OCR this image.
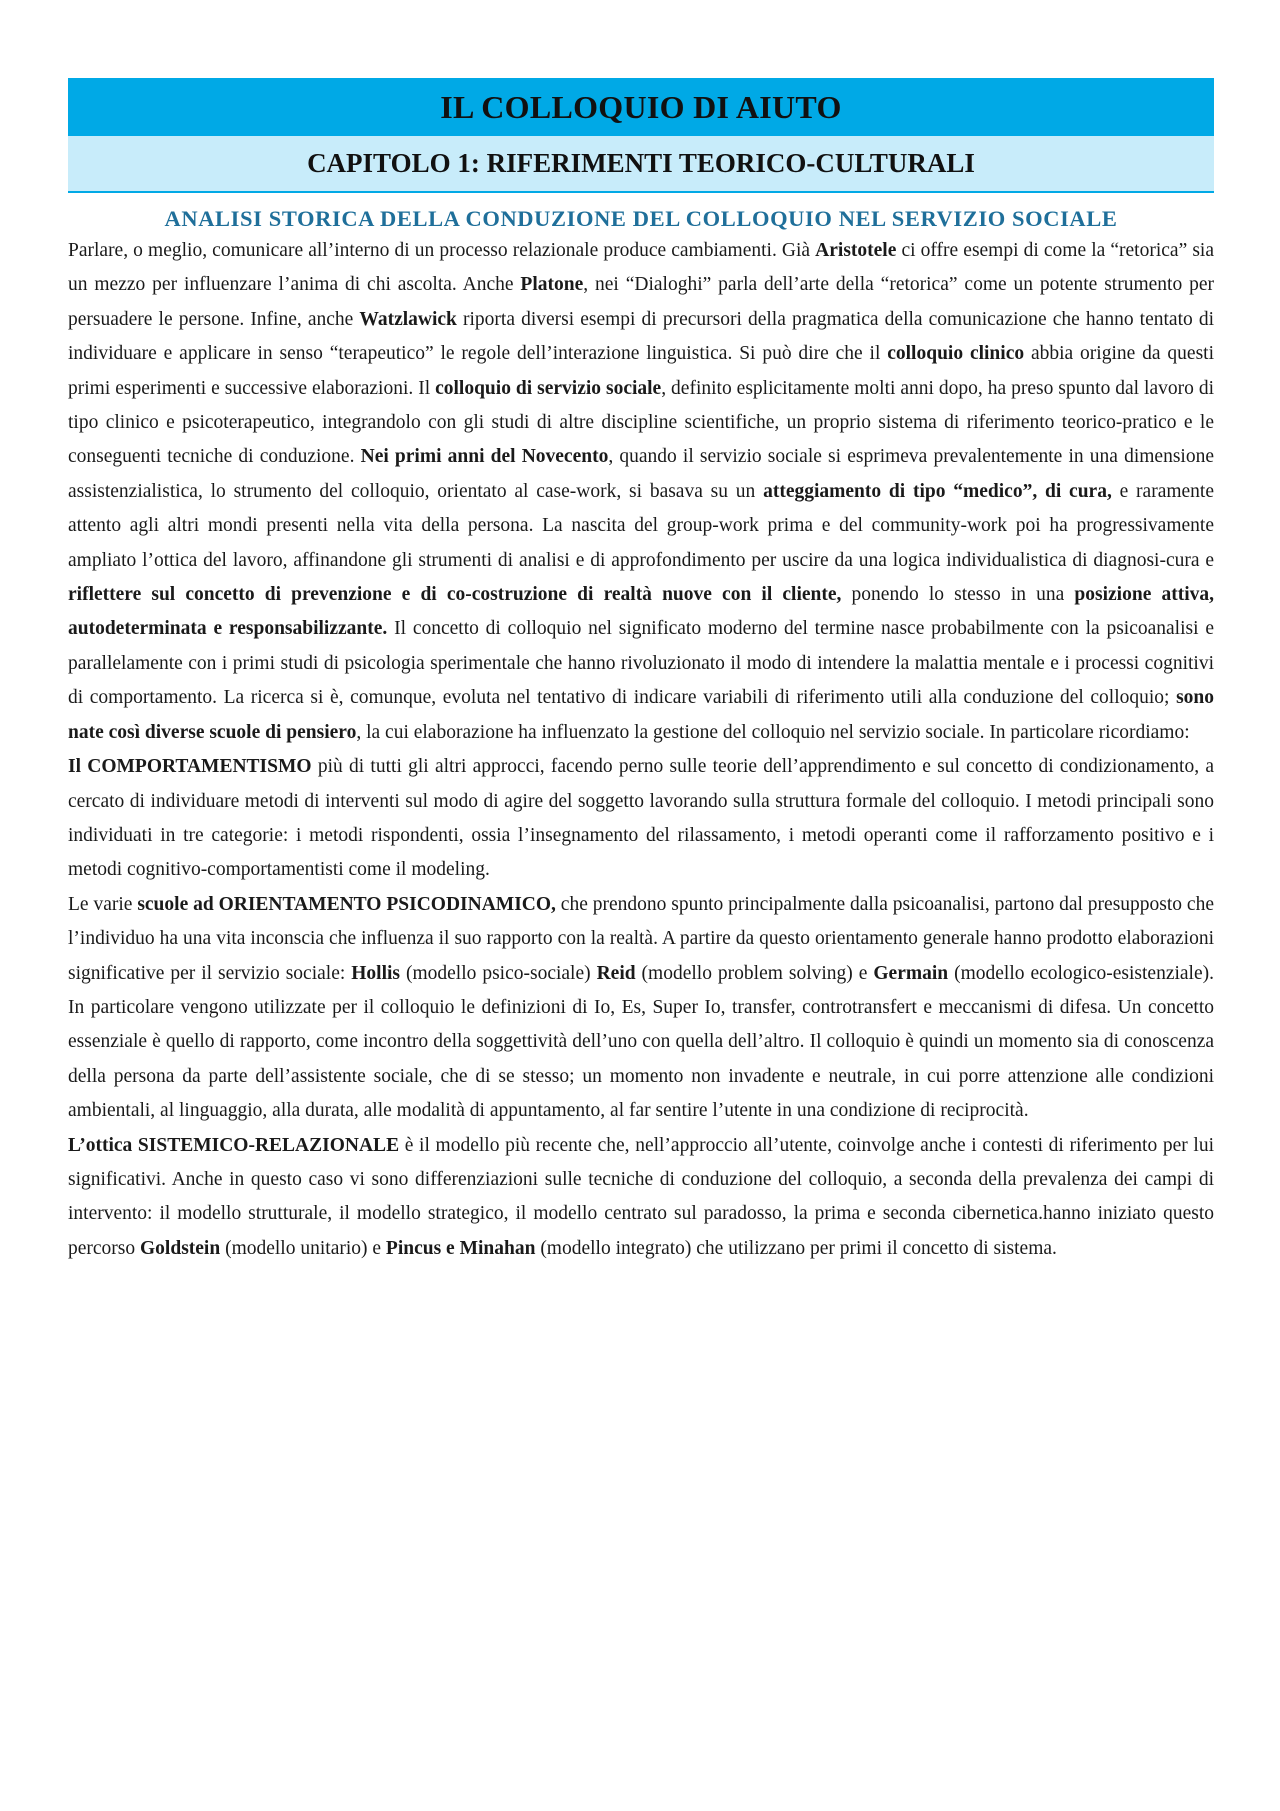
IL COLLOQUIO DI AIUTO
CAPITOLO 1: RIFERIMENTI TEORICO-CULTURALI
ANALISI STORICA DELLA CONDUZIONE DEL COLLOQUIO NEL SERVIZIO SOCIALE

Parlare, o meglio, comunicare all’interno di un processo relazionale produce cambiamenti. Già Aristotele ci offre esempi di come la “retorica” sia un mezzo per influenzare l’anima di chi ascolta. Anche Platone, nei “Dialoghi” parla dell’arte della “retorica” come un potente strumento per persuadere le persone. Infine, anche Watzlawick riporta diversi esempi di precursori della pragmatica della comunicazione che hanno tentato di individuare e applicare in senso “terapeutico” le regole dell’interazione linguistica. Si può dire che il colloquio clinico abbia origine da questi primi esperimenti e successive elaborazioni. Il colloquio di servizio sociale, definito esplicitamente molti anni dopo, ha preso spunto dal lavoro di tipo clinico e psicoterapeutico, integrandolo con gli studi di altre discipline scientifiche, un proprio sistema di riferimento teorico-pratico e le conseguenti tecniche di conduzione. Nei primi anni del Novecento, quando il servizio sociale si esprimeva prevalentemente in una dimensione assistenzialistica, lo strumento del colloquio, orientato al case-work, si basava su un atteggiamento di tipo “medico”, di cura, e raramente attento agli altri mondi presenti nella vita della persona. La nascita del group-work prima e del community-work poi ha progressivamente ampliato l’ottica del lavoro, affinandone gli strumenti di analisi e di approfondimento per uscire da una logica individualistica di diagnosi-cura e riflettere sul concetto di prevenzione e di co-costruzione di realtà nuove con il cliente, ponendo lo stesso in una posizione attiva, autodeterminata e responsabilizzante. Il concetto di colloquio nel significato moderno del termine nasce probabilmente con la psicoanalisi e parallelamente con i primi studi di psicologia sperimentale che hanno rivoluzionato il modo di intendere la malattia mentale e i processi cognitivi di comportamento. La ricerca si è, comunque, evoluta nel tentativo di indicare variabili di riferimento utili alla conduzione del colloquio; sono nate così diverse scuole di pensiero, la cui elaborazione ha influenzato la gestione del colloquio nel servizio sociale. In particolare ricordiamo:

Il COMPORTAMENTISMO più di tutti gli altri approcci, facendo perno sulle teorie dell’apprendimento e sul concetto di condizionamento, a cercato di individuare metodi di interventi sul modo di agire del soggetto lavorando sulla struttura formale del colloquio. I metodi principali sono individuati in tre categorie: i metodi rispondenti, ossia l’insegnamento del rilassamento, i metodi operanti come il rafforzamento positivo e i metodi cognitivo-comportamentisti come il modeling.

Le varie scuole ad ORIENTAMENTO PSICODINAMICO, che prendono spunto principalmente dalla psicoanalisi, partono dal presupposto che l’individuo ha una vita inconscia che influenza il suo rapporto con la realtà. A partire da questo orientamento generale hanno prodotto elaborazioni significative per il servizio sociale: Hollis (modello psico-sociale) Reid (modello problem solving) e Germain (modello ecologico-esistenziale). In particolare vengono utilizzate per il colloquio le definizioni di Io, Es, Super Io, transfer, controtransfert e meccanismi di difesa. Un concetto essenziale è quello di rapporto, come incontro della soggettività dell’uno con quella dell’altro. Il colloquio è quindi un momento sia di conoscenza della persona da parte dell’assistente sociale, che di se stesso; un momento non invadente e neutrale, in cui porre attenzione alle condizioni ambientali, al linguaggio, alla durata, alle modalità di appuntamento, al far sentire l’utente in una condizione di reciprocità.

L’ottica SISTEMICO-RELAZIONALE è il modello più recente che, nell’approccio all’utente, coinvolge anche i contesti di riferimento per lui significativi. Anche in questo caso vi sono differenziazioni sulle tecniche di conduzione del colloquio, a seconda della prevalenza dei campi di intervento: il modello strutturale, il modello strategico, il modello centrato sul paradosso, la prima e seconda cibernetica.hanno iniziato questo percorso Goldstein (modello unitario) e Pincus e Minahan (modello integrato) che utilizzano per primi il concetto di sistema.
